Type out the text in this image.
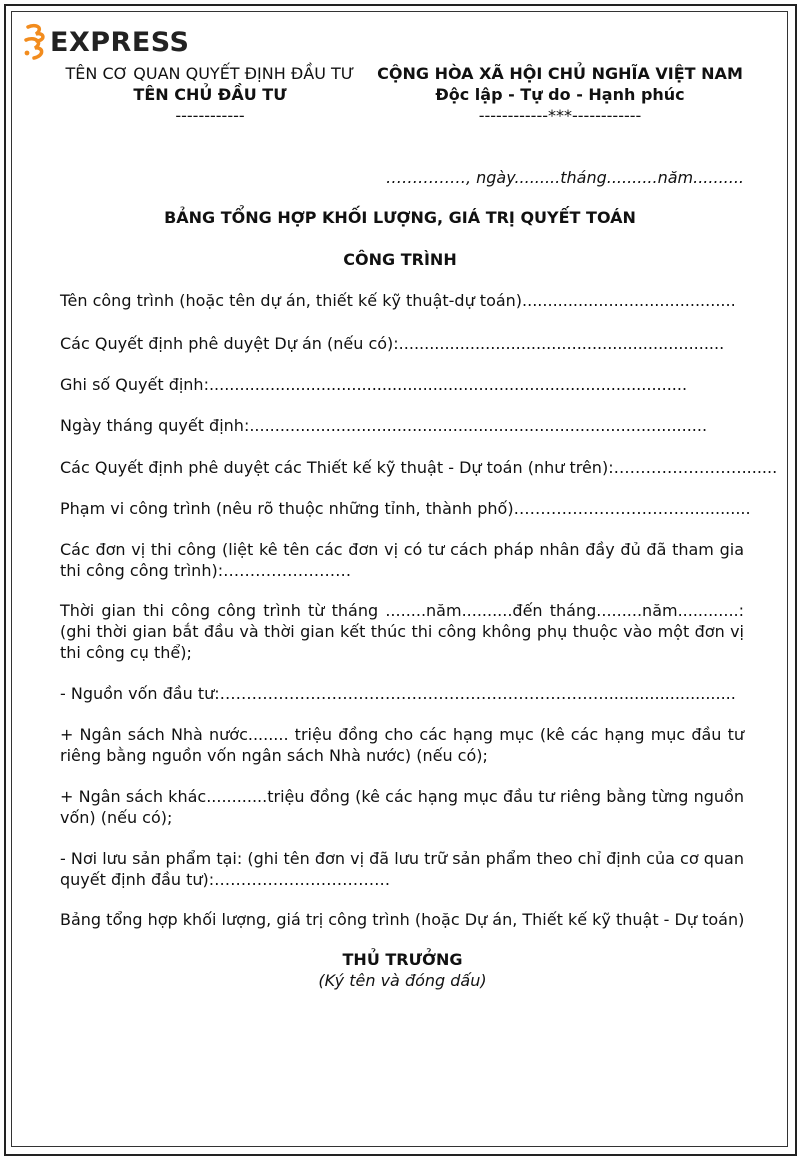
EXPRESS
TÊN CƠ QUAN QUYẾT ĐỊNH ĐẦU TƯ
TÊN CHỦ ĐẦU TƯ
------------
CỘNG HÒA XÃ HỘI CHỦ NGHĨA VIỆT NAM
Độc lập - Tự do - Hạnh phúc
------------***------------
……………, ngày.........tháng..........năm..........
BẢNG TỔNG HỢP KHỐI LƯỢNG, GIÁ TRỊ QUYẾT TOÁN
CÔNG TRÌNH
Tên công trình (hoặc tên dự án, thiết kế kỹ thuật-dự toán)..........................................
Các Quyết định phê duyệt Dự án (nếu có):................................................................
Ghi số Quyết định:..............................................................................................
Ngày tháng quyết định:..........................................................................................
Các Quyết định phê duyệt các Thiết kế kỹ thuật - Dự toán (như trên):…………………….......
Phạm vi công trình (nêu rõ thuộc những tỉnh, thành phố)……………………………............
Các đơn vị thi công (liệt kê tên các đơn vị có tư cách pháp nhân đầy đủ đã tham gia thi công công trình):……………………
Thời gian thi công công trình từ tháng ........năm..........đến tháng.........năm............: (ghi thời gian bắt đầu và thời gian kết thúc thi công không phụ thuộc vào một đơn vị thi công cụ thể);
- Nguồn vốn đầu tư:………………………………………………………………..........................
+ Ngân sách Nhà nước........ triệu đồng cho các hạng mục (kê các hạng mục đầu tư riêng bằng nguồn vốn ngân sách Nhà nước) (nếu có);
+ Ngân sách khác............triệu đồng (kê các hạng mục đầu tư riêng bằng từng nguồn vốn) (nếu có);
- Nơi lưu sản phẩm tại: (ghi tên đơn vị đã lưu trữ sản phẩm theo chỉ định của cơ quan quyết định đầu tư):……………………………
Bảng tổng hợp khối lượng, giá trị công trình (hoặc Dự án, Thiết kế kỹ thuật - Dự toán)
THỦ TRƯỞNG
(Ký tên và đóng dấu)
